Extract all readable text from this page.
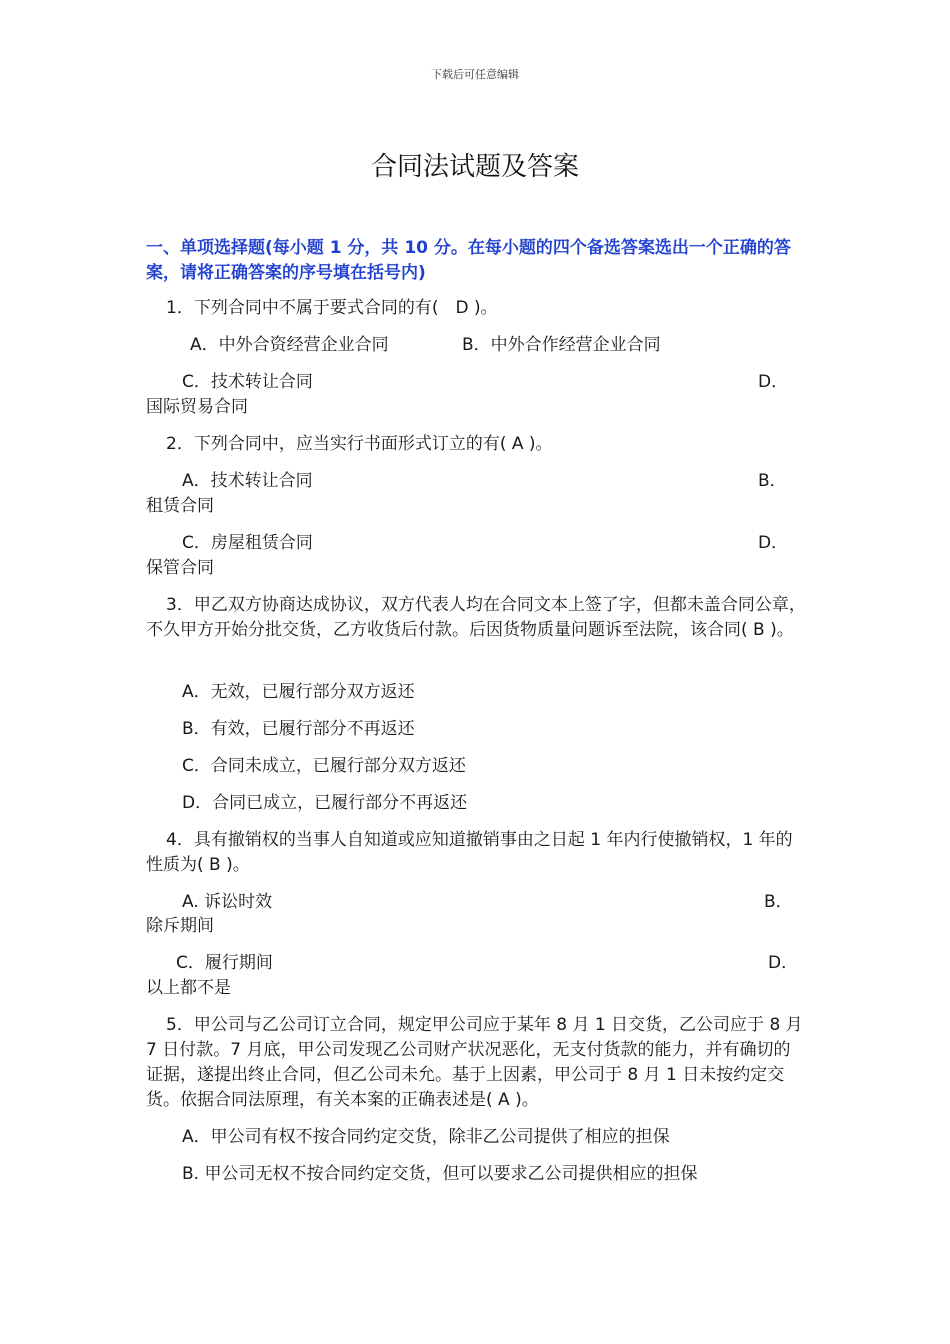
下载后可任意编辑
合同法试题及答案
一、单项选择题(每小题 1 分，共 10 分。在每小题的四个备选答案选出一个正确的答案，请将正确答案的序号填在括号内)
1．下列合同中不属于要式合同的有(　D )。
A．中外合资经营企业合同	B．中外合作经营企业合同
C．技术转让合同	D．
国际贸易合同
2．下列合同中，应当实行书面形式订立的有( A )。
A．技术转让合同	B．
租赁合同
C．房屋租赁合同	D．
保管合同
3．甲乙双方协商达成协议，双方代表人均在合同文本上签了字，但都未盖合同公章，不久甲方开始分批交货，乙方收货后付款。后因货物质量问题诉至法院，该合同( B )。
A．无效，已履行部分双方返还
B．有效，已履行部分不再返还
C．合同未成立，已履行部分双方返还
D．合同已成立，已履行部分不再返还
4．具有撤销权的当事人自知道或应知道撤销事由之日起 1 年内行使撤销权，1 年的性质为( B )。
A. 诉讼时效	B．
除斥期间
C．履行期间	D．
以上都不是
5．甲公司与乙公司订立合同，规定甲公司应于某年 8 月 1 日交货，乙公司应于 8 月 7 日付款。7 月底，甲公司发现乙公司财产状况恶化，无支付货款的能力，并有确切的证据，遂提出终止合同，但乙公司未允。基于上因素，甲公司于 8 月 1 日未按约定交货。依据合同法原理，有关本案的正确表述是( A )。
A．甲公司有权不按合同约定交货，除非乙公司提供了相应的担保
B. 甲公司无权不按合同约定交货，但可以要求乙公司提供相应的担保
